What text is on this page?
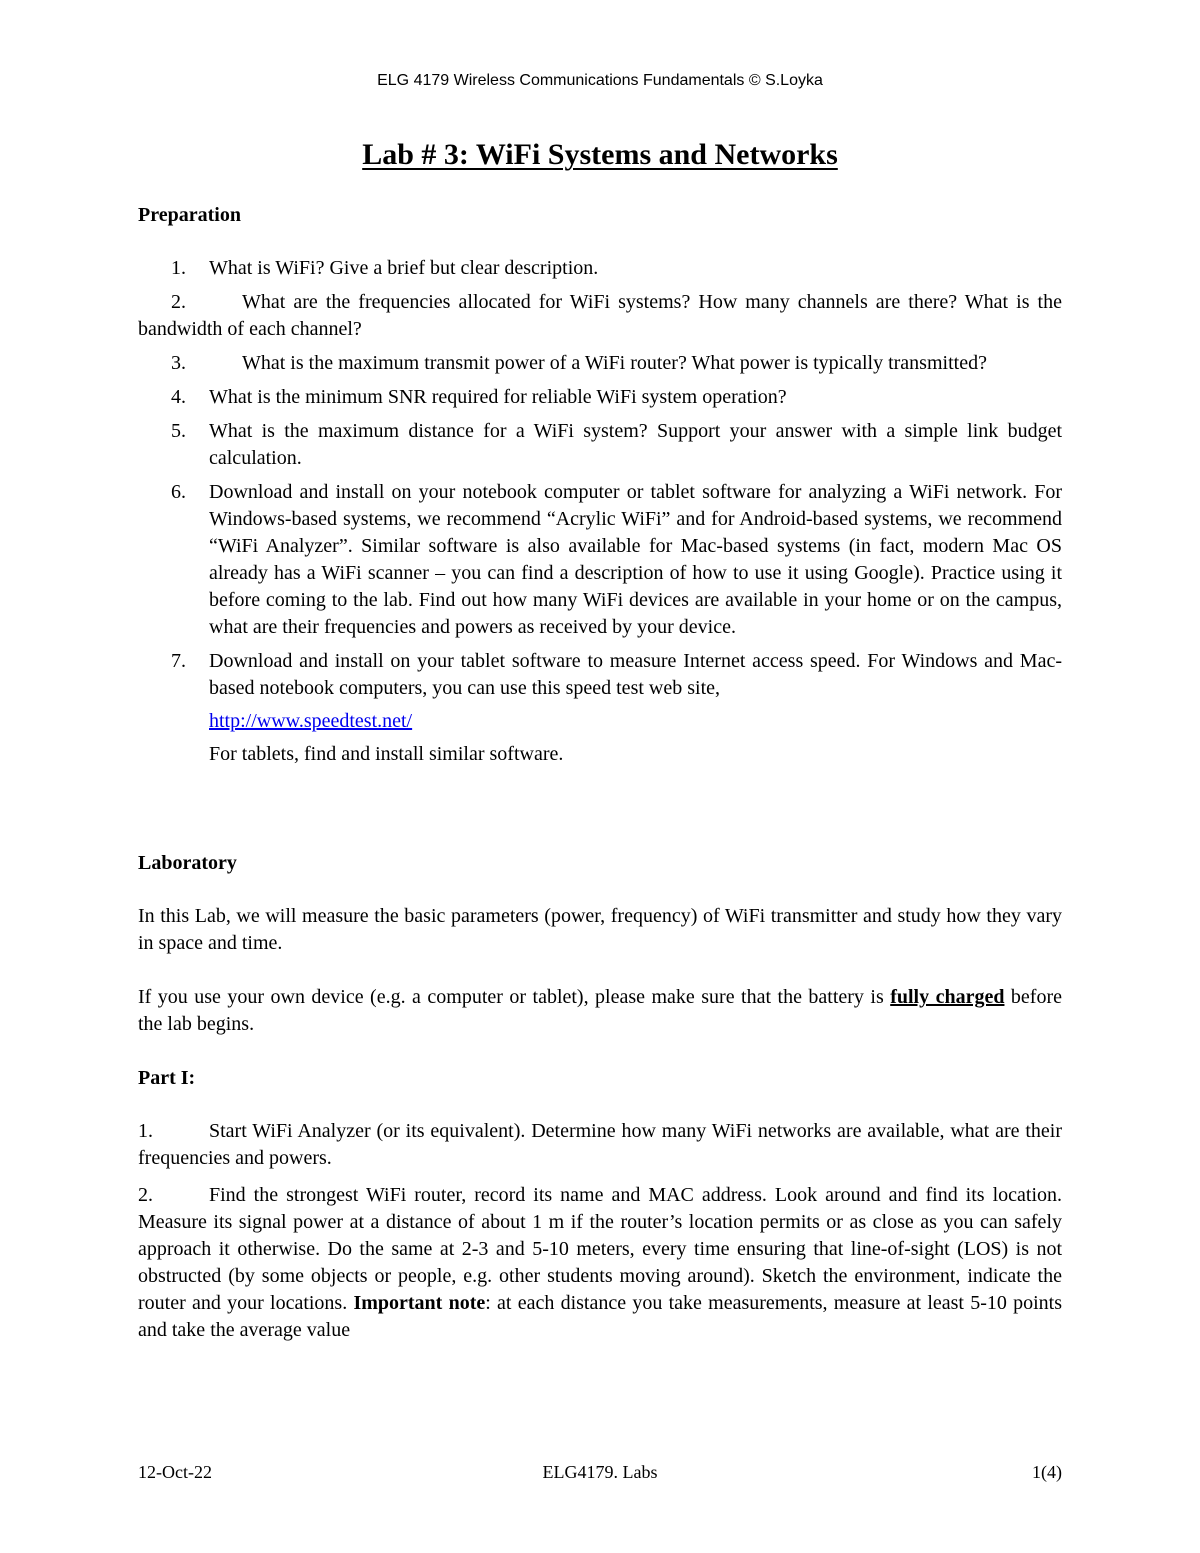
ELG 4179 Wireless Communications Fundamentals © S.Loyka
Lab # 3: WiFi Systems and Networks

Preparation

1. What is WiFi? Give a brief but clear description.

2.	What are the frequencies allocated for WiFi systems? How many channels are there? What is the bandwidth of each channel?

3.	What is the maximum transmit power of a WiFi router? What power is typically transmitted?

4. What is the minimum SNR required for reliable WiFi system operation?

5. What is the maximum distance for a WiFi system? Support your answer with a simple link budget calculation.

6. Download and install on your notebook computer or tablet software for analyzing a WiFi network. For Windows-based systems, we recommend “Acrylic WiFi” and for Android-based systems, we recommend “WiFi Analyzer”. Similar software is also available for Mac-based systems (in fact, modern Mac OS already has a WiFi scanner – you can find a description of how to use it using Google). Practice using it before coming to the lab. Find out how many WiFi devices are available in your home or on the campus, what are their frequencies and powers as received by your device.

7. Download and install on your tablet software to measure Internet access speed. For Windows and Mac-based notebook computers, you can use this speed test web site,

http://www.speedtest.net/

For tablets, find and install similar software.

Laboratory

In this Lab, we will measure the basic parameters (power, frequency) of WiFi transmitter and study how they vary in space and time.

If you use your own device (e.g. a computer or tablet), please make sure that the battery is fully charged before the lab begins.

Part I:

1.	Start WiFi Analyzer (or its equivalent). Determine how many WiFi networks are available, what are their frequencies and powers.

2.	Find the strongest WiFi router, record its name and MAC address. Look around and find its location. Measure its signal power at a distance of about 1 m if the router’s location permits or as close as you can safely approach it otherwise. Do the same at 2-3 and 5-10 meters, every time ensuring that line-of-sight (LOS) is not obstructed (by some objects or people, e.g. other students moving around). Sketch the environment, indicate the router and your locations. Important note: at each distance you take measurements, measure at least 5-10 points and take the average value

12-Oct-22	ELG4179. Labs	1(4)
